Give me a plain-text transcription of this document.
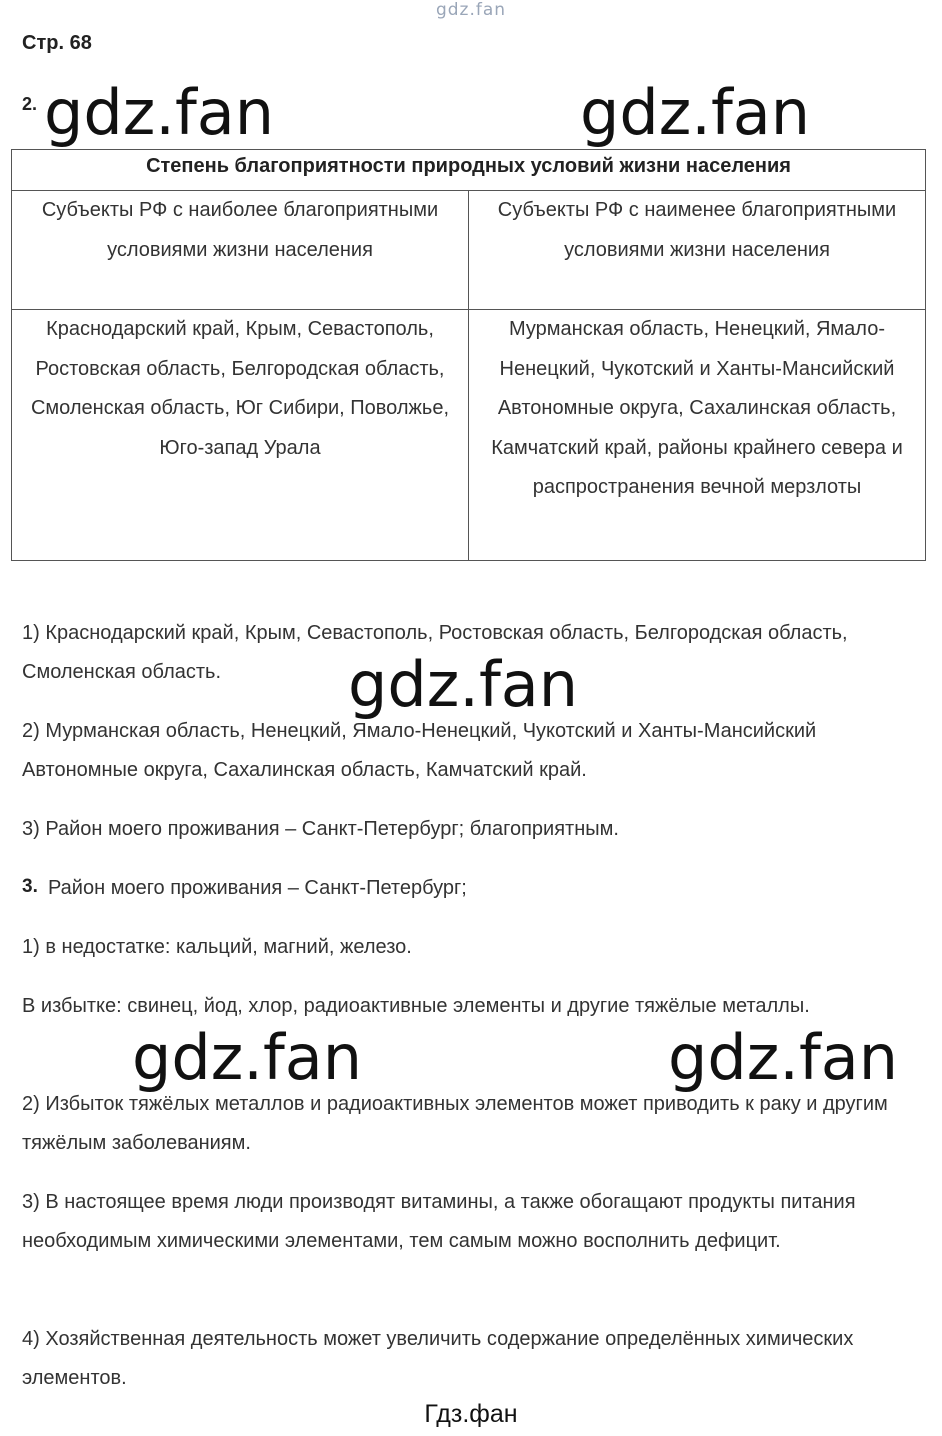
gdz.fan
Стр. 68
2.
Степень благоприятности природных условий жизни населения	
Субъекты РФ с наиболее благоприятными условиями жизни населения	Субъекты РФ с наименее благоприятными условиями жизни населения
Краснодарский край, Крым, Севастополь, Ростовская область, Белгородская область, Смоленская область, Юг Сибири, Поволжье, Юго-запад Урала	Мурманская область, Ненецкий, Ямало-Ненецкий, Чукотский и Ханты-Мансийский Автономные округа, Сахалинская область, Камчатский край, районы крайнего севера и распространения вечной мерзлоты
1) Краснодарский край, Крым, Севастополь, Ростовская область, Белгородская область, Смоленская область.
2) Мурманская область, Ненецкий, Ямало-Ненецкий, Чукотский и Ханты-Мансийский Автономные округа, Сахалинская область, Камчатский край.
3) Район моего проживания – Санкт-Петербург; благоприятным.
3. Район моего проживания – Санкт-Петербург;
1) в недостатке: кальций, магний, железо.
В избытке: свинец, йод, хлор, радиоактивные элементы и другие тяжёлые металлы.
2) Избыток тяжёлых металлов и радиоактивных элементов может приводить к раку и другим тяжёлым заболеваниям.
3) В настоящее время люди производят витамины, а также обогащают продукты питания необходимым химическими элементами, тем самым можно восполнить дефицит.
4) Хозяйственная деятельность может увеличить содержание определённых химических элементов.
gdz.fan	gdz.fan
gdz.fan
gdz.fan	gdz.fan
Гдз.фан
